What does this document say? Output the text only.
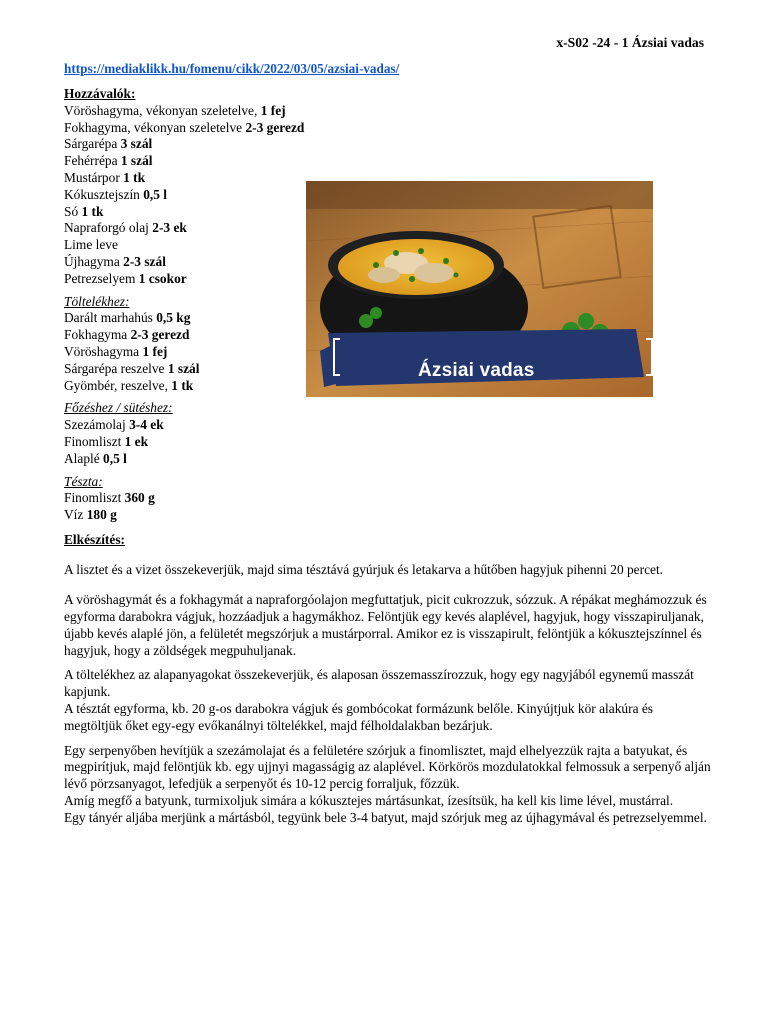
x-S02 -24 - 1 Ázsiai vadas
https://mediaklikk.hu/fomenu/cikk/2022/03/05/azsiai-vadas/
Ázsiai vadas
Hozzávalók:
Vöröshagyma, vékonyan szeletelve, 1 fej
Fokhagyma, vékonyan szeletelve 2-3 gerezd
Sárgarépa 3 szál
Fehérrépa 1 szál
Mustárpor 1 tk
Kókusztejszín 0,5 l
Só 1 tk
Napraforgó olaj 2-3 ek
Lime leve
Újhagyma 2-3 szál
Petrezselyem 1 csokor
Töltelékhez:
Darált marhahús 0,5 kg
Fokhagyma 2-3 gerezd
Vöröshagyma 1 fej
Sárgarépa reszelve 1 szál
Gyömbér, reszelve, 1 tk
Főzéshez / sütéshez:
Szezámolaj 3-4 ek
Finomliszt 1 ek
Alaplé 0,5 l
Tészta:
Finomliszt 360 g
Víz 180 g
Elkészítés:

A lisztet és a vizet összekeverjük, majd sima tésztává gyúrjuk és letakarva a hűtőben hagyjuk pihenni 20 percet.

A vöröshagymát és a fokhagymát a napraforgóolajon megfuttatjuk, picit cukrozzuk, sózzuk. A répákat meghámozzuk és egyforma darabokra vágjuk, hozzáadjuk a hagymákhoz. Felöntjük egy kevés alaplével, hagyjuk, hogy visszapiruljanak, újabb kevés alaplé jön, a felületét megszórjuk a mustárporral. Amikor ez is visszapirult, felöntjük a kókusztejszínnel és hagyjuk, hogy a zöldségek megpuhuljanak.

A töltelékhez az alapanyagokat összekeverjük, és alaposan összemasszírozzuk, hogy egy nagyjából egynemű masszát kapjunk.

A tésztát egyforma, kb. 20 g-os darabokra vágjuk és gombócokat formázunk belőle. Kinyújtjuk kör alakúra és megtöltjük őket egy-egy evőkanálnyi töltelékkel, majd félholdalakban bezárjuk.

Egy serpenyőben hevítjük a szezámolajat és a felületére szórjuk a finomlisztet, majd elhelyezzük rajta a batyukat, és megpirítjuk, majd felöntjük kb. egy ujjnyi magasságig az alaplével. Körkörös mozdulatokkal felmossuk a serpenyő alján lévő pörzsanyagot, lefedjük a serpenyőt és 10-12 percig forraljuk, főzzük.

Amíg megfő a batyunk, turmixoljuk simára a kókusztejes mártásunkat, ízesítsük, ha kell kis lime lével, mustárral.

Egy tányér aljába merjünk a mártásból, tegyünk bele 3-4 batyut, majd szórjuk meg az újhagymával és petrezselyemmel.
